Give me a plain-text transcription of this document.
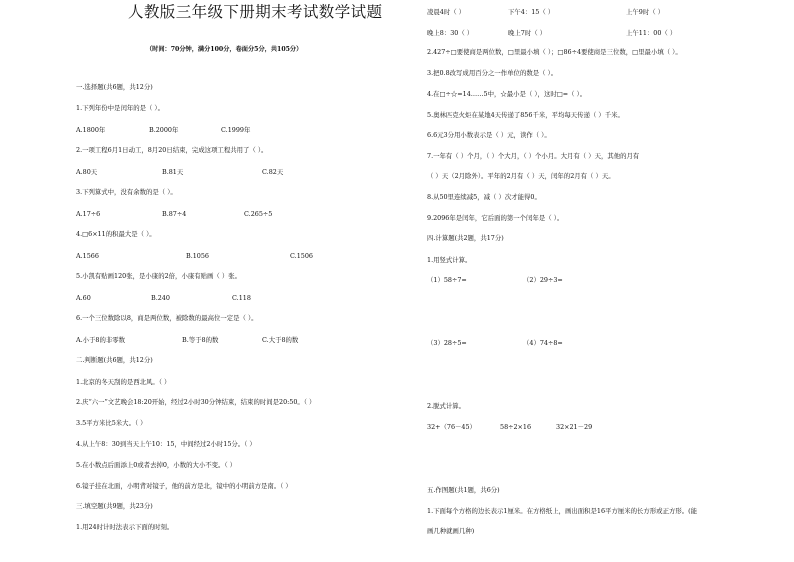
人教版三年级下册期末考试数学试题
（时间：70分钟，满分100分，卷面分5分，共105分）
一.选择题(共6题，共12分)
1.下列年份中是闰年的是（ ）。
A.1800年	B.2000年	C.1999年
2.一项工程6月1日动工，8月20日结束，完成这项工程共用了（ ）。
A.80天	B.81天	C.82天
3.下列算式中，没有余数的是（ ）。
A.17÷6	B.87÷4	C.265÷5
4.□6×11的积最大是（ ）。
A.1566	B.1056	C.1506
5.小凯有贴画120张，是小康的2倍，小康有贴画（ ）张。
A.60	B.240	C.118
6.一个三位数除以8，商是两位数，被除数的最高位一定是（ ）。
A.小于8的非零数	B.等于8的数	C.大于8的数
二.判断题(共6题，共12分)
1.北京的冬天刮的是西北风。（ ）
2.庆“六一”文艺晚会18:20开始，经过2小时30分钟结束，结束的时间是20:50。（ ）
3.5平方米比5米大。（ ）
4.从上午8：30到当天上午10：15，中间经过2小时15分。（ ）
5.在小数点后面添上0或者去掉0，小数的大小不变。（ ）
6.镜子挂在北面，小明背对镜子，他的前方是北，镜中的小明前方是南。（ ）
三.填空题(共9题，共23分)
1.用24时计时法表示下面的时刻。
凌晨4时（ ）	下午4：15（ ）	上午9时（ ）
晚上8：30（ ）	晚上7时（ ）	上午11：00（ ）
2.427÷□要使商是两位数，□里最小填（ ）；□86÷4要使商是三位数，□里最小填（ ）。
3.把0.8改写成用百分之一作单位的数是（ ）。
4.在□÷☆=14……5中，☆最小是（ ），这时□=（ ）。
5.奥林匹克火炬在某地4天传递了856千米，平均每天传递（ ）千米。
6.6元3分用小数表示是（ ）元，读作（ ）。
7.一年有（ ）个月，（ ）个大月，（ ）个小月。大月有（ ）天，其他的月有
（ ）天（2月除外）。平年的2月有（ ）天，闰年的2月有（ ）天。
8.从50里连续减5，减（ ）次才能得0。
9.2096年是闰年，它后面的第一个闰年是（ ）。
四.计算题(共2题，共17分)
1.用竖式计算。
（1）58÷7=	（2）29÷3=
（3）28÷5=	（4）74÷8=
2.脱式计算。
32+（76－45）	58÷2×16	32×21－29
五.作图题(共1题，共6分)
1.下面每个方格的边长表示1厘米。在方格纸上，画出面积是16平方厘米的长方形或正方形。(能
画几种就画几种)
